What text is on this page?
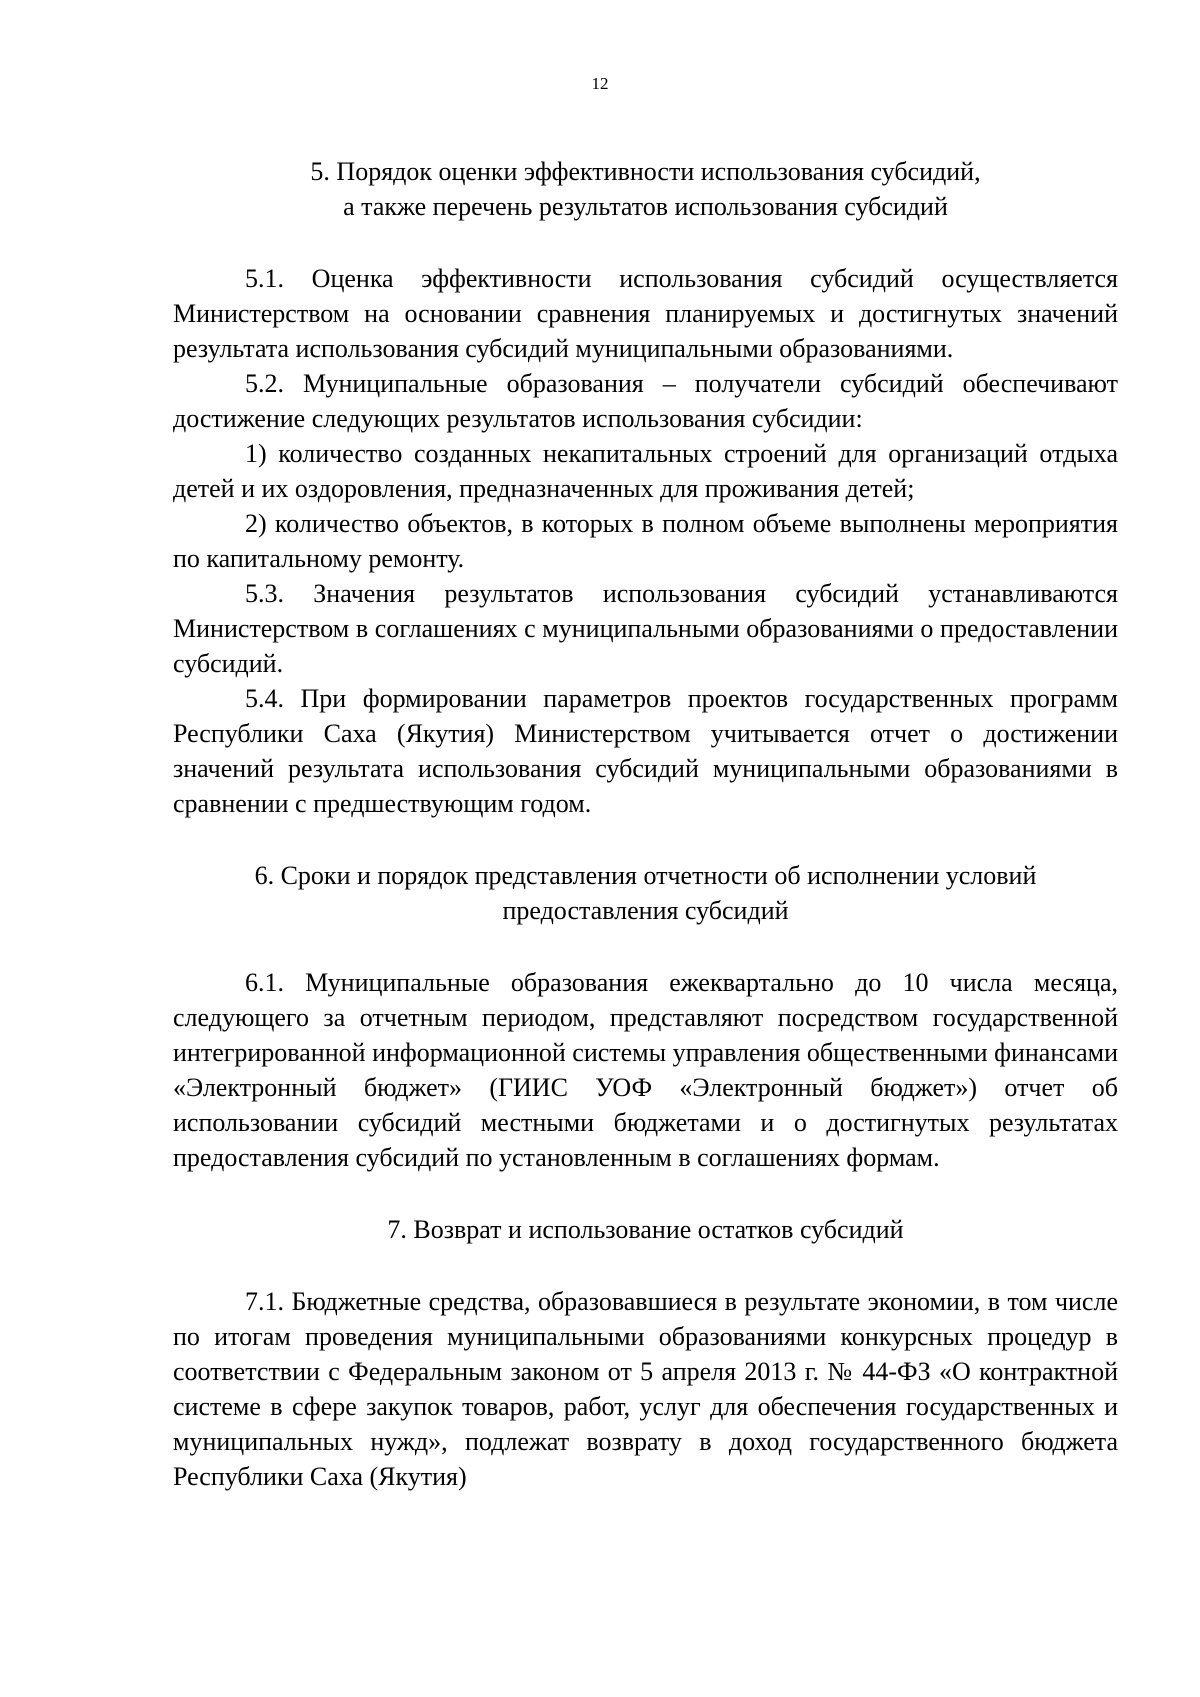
12
5. Порядок оценки эффективности использования субсидий,
а также перечень результатов использования субсидий

5.1. Оценка эффективности использования субсидий осуществляется Министерством на основании сравнения планируемых и достигнутых значений результата использования субсидий муниципальными образованиями.

5.2. Муниципальные образования – получатели субсидий обеспечивают достижение следующих результатов использования субсидии:

1) количество созданных некапитальных строений для организаций отдыха детей и их оздоровления, предназначенных для проживания детей;

2) количество объектов, в которых в полном объеме выполнены мероприятия по капитальному ремонту.

5.3. Значения результатов использования субсидий устанавливаются Министерством в соглашениях с муниципальными образованиями о предоставлении субсидий.

5.4. При формировании параметров проектов государственных программ Республики Саха (Якутия) Министерством учитывается отчет о достижении значений результата использования субсидий муниципальными образованиями в сравнении с предшествующим годом.

6. Сроки и порядок представления отчетности об исполнении условий
предоставления субсидий

6.1. Муниципальные образования ежеквартально до 10 числа месяца, следующего за отчетным периодом, представляют посредством государственной интегрированной информационной системы управления общественными финансами «Электронный бюджет» (ГИИС УОФ «Электронный бюджет») отчет об использовании субсидий местными бюджетами и о достигнутых результатах предоставления субсидий по установленным в соглашениях формам.

7. Возврат и использование остатков субсидий

7.1. Бюджетные средства, образовавшиеся в результате экономии, в том числе по итогам проведения муниципальными образованиями конкурсных процедур в соответствии с Федеральным законом от 5 апреля 2013 г. № 44-ФЗ «О контрактной системе в сфере закупок товаров, работ, услуг для обеспечения государственных и муниципальных нужд», подлежат возврату в доход государственного бюджета Республики Саха (Якутия)
